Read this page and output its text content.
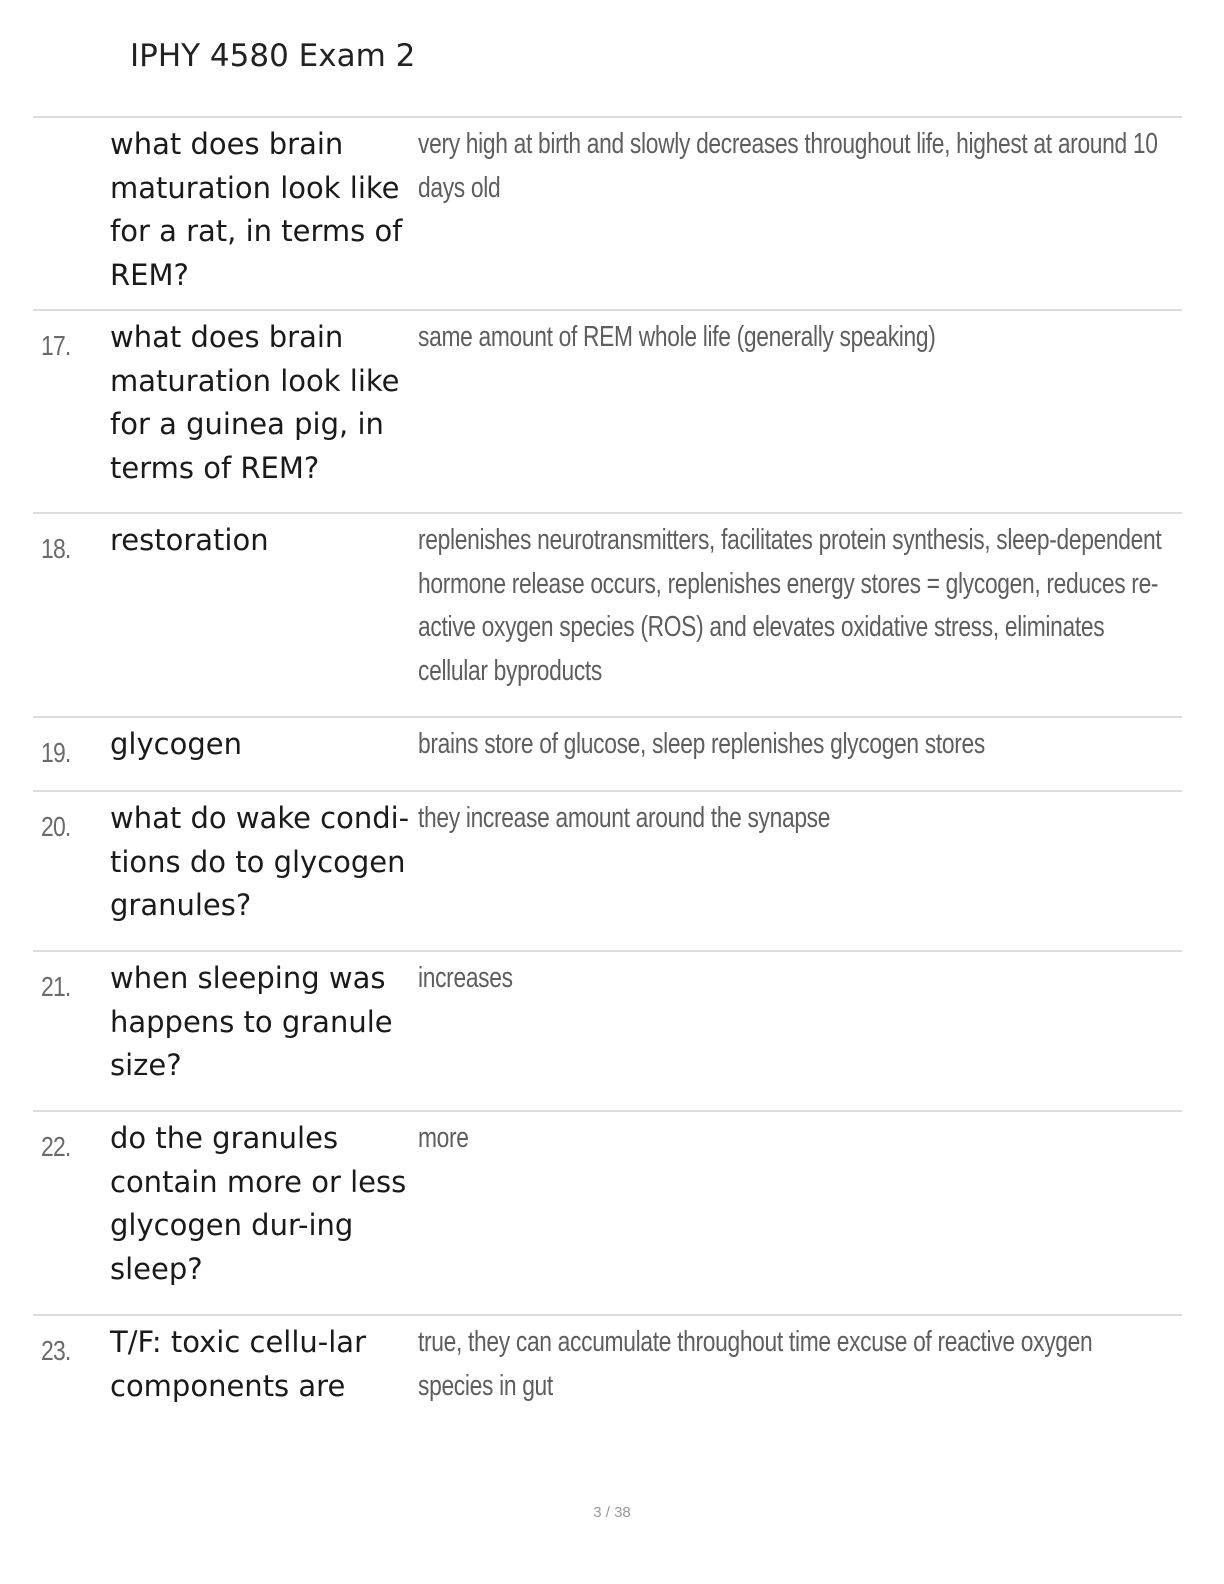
IPHY 4580 Exam 2
what does brain maturation look like for a rat, in terms of REM?
very high at birth and slowly decreases throughout life, highest at around 10 days old
17. what does brain maturation look like for a guinea pig, in terms of REM?
same amount of REM whole life (generally speaking)
18. restoration	replenishes neurotransmitters, facilitates protein synthesis, sleep-dependent hormone release occurs, replenishes energy stores = glycogen, reduces re-active oxygen species (ROS) and elevates oxidative stress, eliminates cellular byproducts
19. glycogen	brains store of glucose, sleep replenishes glycogen stores
20. what do wake condi-tions do to glycogen granules?
they increase amount around the synapse
21. when sleeping was happens to granule size?
increases
22. do the granules contain more or less glycogen dur-ing sleep?
more
23. T/F: toxic cellu-lar components are
true, they can accumulate throughout time excuse of reactive oxygen species in gut
3 / 38
